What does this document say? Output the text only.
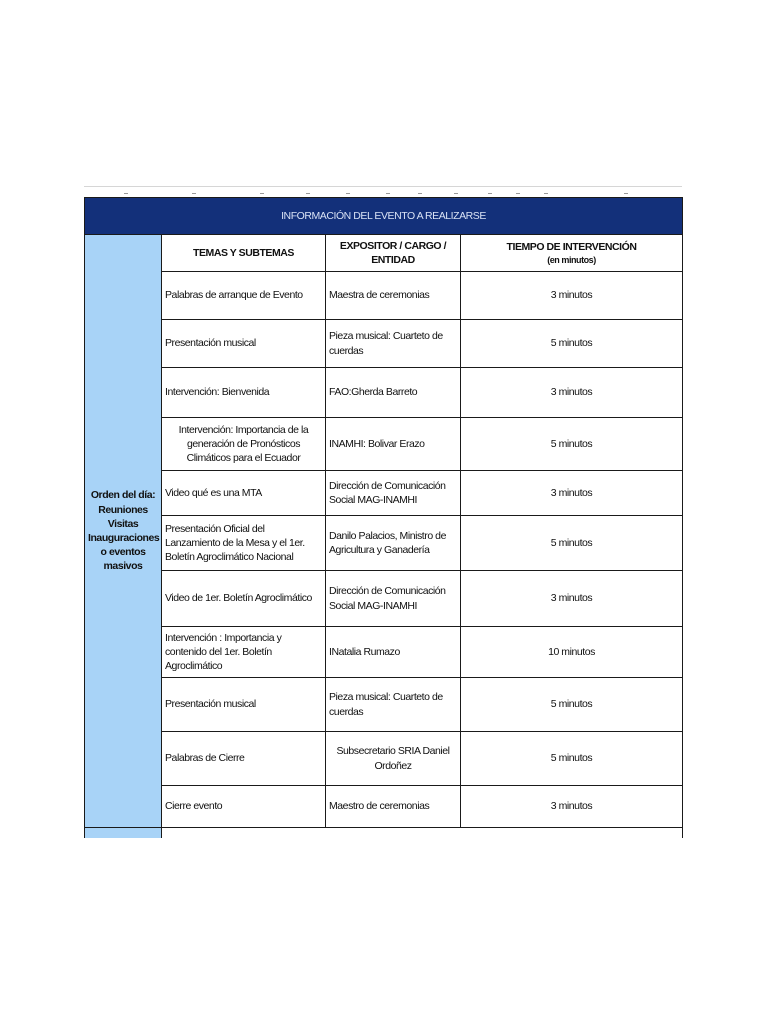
INFORMACIÓN DEL EVENTO A REALIZARSE			
Orden del día: Reuniones Visitas Inauguraciones o eventos masivos	TEMAS Y SUBTEMAS	EXPOSITOR / CARGO / ENTIDAD	TIEMPO DE INTERVENCIÓN
(en minutos)

	Palabras de arranque de Evento	Maestra de ceremonias	3 minutos
	Presentación musical	Pieza musical: Cuarteto de cuerdas	5 minutos
	Intervención: Bienvenida	FAO:Gherda Barreto	3 minutos
	Intervención: Importancia de la generación de Pronósticos Climáticos para el Ecuador	INAMHI: Bolivar Erazo	5 minutos
	Video qué es una MTA	Dirección de Comunicación Social MAG-INAMHI	3 minutos
	Presentación Oficial del Lanzamiento de la Mesa y el 1er. Boletín Agroclimático Nacional	Danilo Palacios, Ministro de Agricultura y Ganadería	5 minutos
	Video de 1er. Boletín Agroclimático	Dirección de Comunicación Social MAG-INAMHI	3 minutos
	Intervención : Importancia y contenido del 1er. Boletín Agroclimático	INatalia Rumazo	10 minutos
	Presentación musical	Pieza musical: Cuarteto de cuerdas	5 minutos
	Palabras de Cierre	Subsecretario SRIA Daniel Ordoñez	5 minutos
	Cierre evento	Maestro de ceremonias	3 minutos
